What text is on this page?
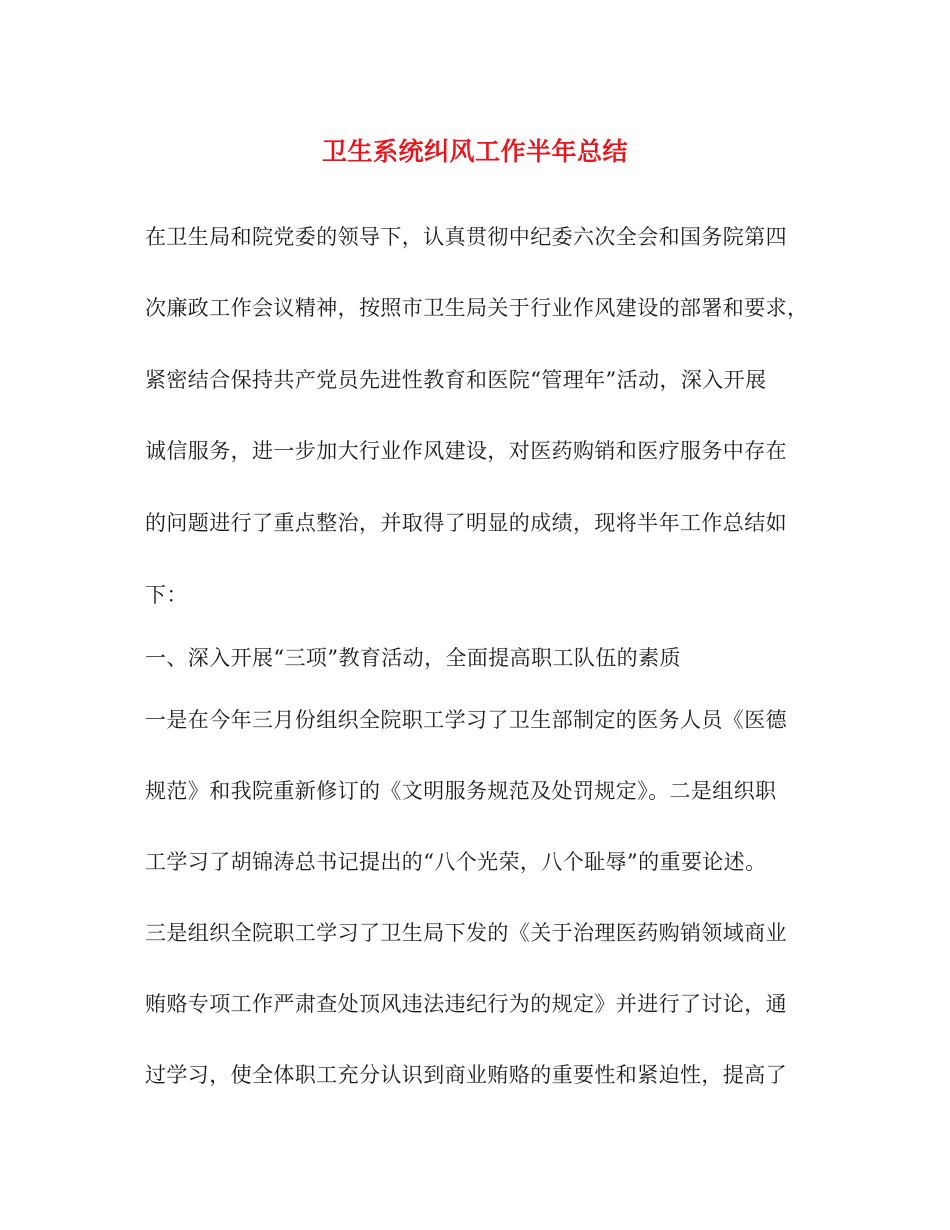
卫生系统纠风工作半年总结
在卫生局和院党委的领导下，认真贯彻中纪委六次全会和国务院第四
次廉政工作会议精神，按照市卫生局关于行业作风建设的部署和要求，
紧密结合保持共产党员先进性教育和医院“管理年”活动，深入开展
诚信服务，进一步加大行业作风建设，对医药购销和医疗服务中存在
的问题进行了重点整治，并取得了明显的成绩，现将半年工作总结如
下：
一、深入开展“三项”教育活动，全面提高职工队伍的素质
一是在今年三月份组织全院职工学习了卫生部制定的医务人员《医德
规范》和我院重新修订的《文明服务规范及处罚规定》。二是组织职
工学习了胡锦涛总书记提出的“八个光荣，八个耻辱”的重要论述。
三是组织全院职工学习了卫生局下发的《关于治理医药购销领域商业
贿赂专项工作严肃查处顶风违法违纪行为的规定》并进行了讨论，通
过学习，使全体职工充分认识到商业贿赂的重要性和紧迫性，提高了
